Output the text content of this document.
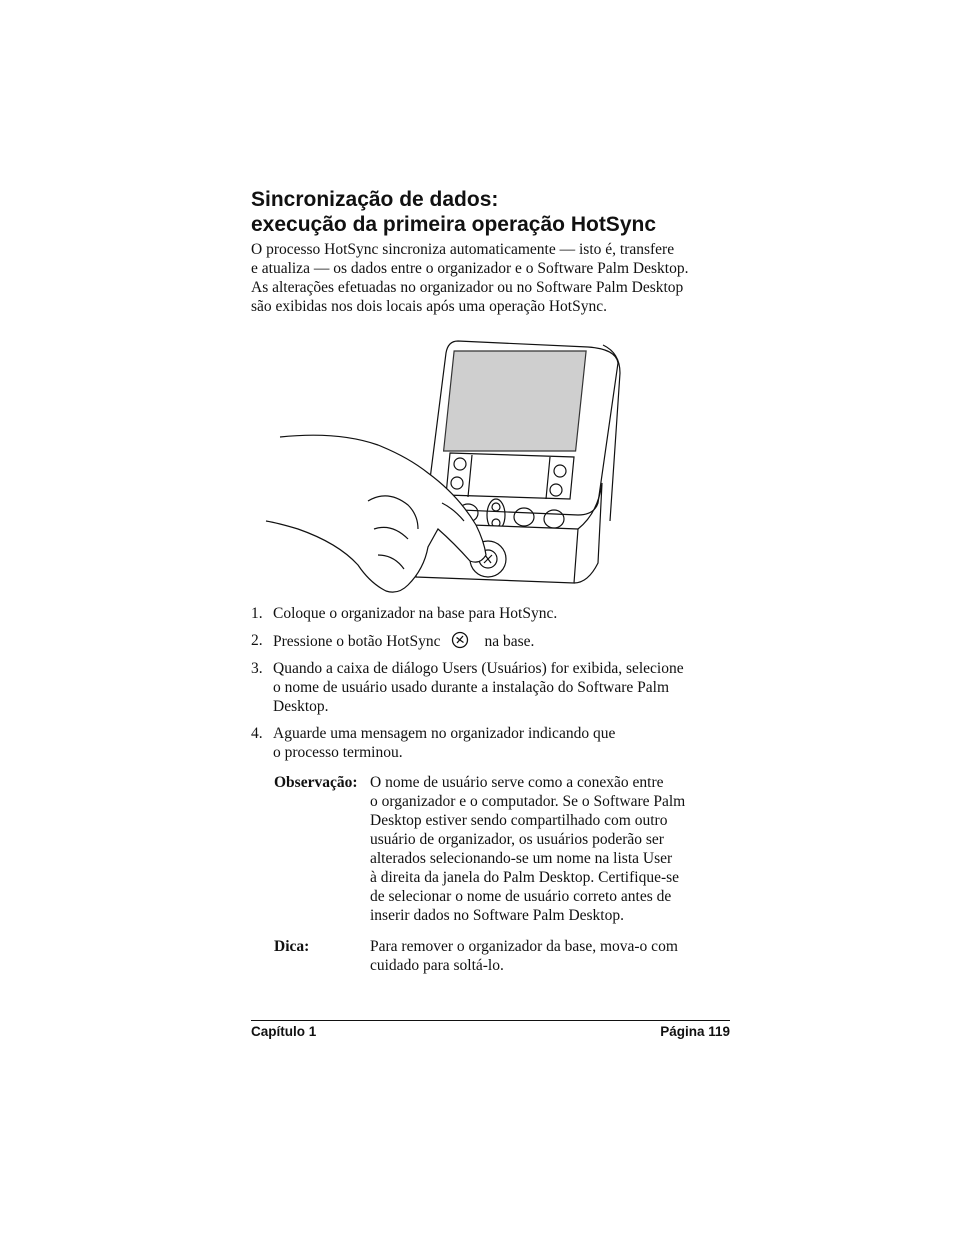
Sincronização de dados:
execução da primeira operação HotSync
O processo HotSync sincroniza automaticamente — isto é, transfere
e atualiza — os dados entre o organizador e o Software Palm Desktop.
As alterações efetuadas no organizador ou no Software Palm Desktop
são exibidas nos dois locais após uma operação HotSync.
1. Coloque o organizador na base para HotSync.
2. Pressione o botão HotSync	na base.
3. Quando a caixa de diálogo Users (Usuários) for exibida, selecione
o nome de usuário usado durante a instalação do Software Palm
Desktop.
4. Aguarde uma mensagem no organizador indicando que
o processo terminou.
Observação: O nome de usuário serve como a conexão entre
o organizador e o computador. Se o Software Palm
Desktop estiver sendo compartilhado com outro
usuário de organizador, os usuários poderão ser
alterados selecionando-se um nome na lista User
à direita da janela do Palm Desktop. Certifique-se
de selecionar o nome de usuário correto antes de
inserir dados no Software Palm Desktop.
Dica:	Para remover o organizador da base, mova-o com
cuidado para soltá-lo.
Capítulo 1	Página 119
